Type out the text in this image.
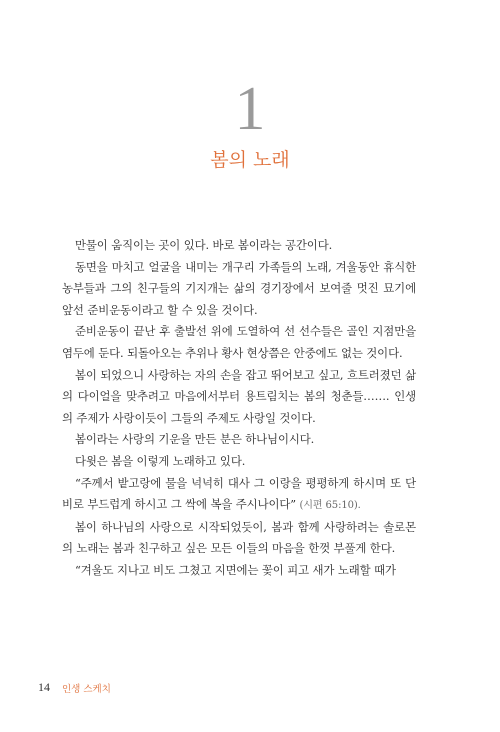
1
봄의 노래

만물이 움직이는 곳이 있다. 바로 봄이라는 공간이다.

동면을 마치고 얼굴을 내미는 개구리 가족들의 노래, 겨울동안 휴식한 농부들과 그의 친구들의 기지개는 삶의 경기장에서 보여줄 멋진 묘기에 앞선 준비운동이라고 할 수 있을 것이다.

준비운동이 끝난 후 출발선 위에 도열하여 선 선수들은 골인 지점만을 염두에 둔다. 되돌아오는 추위나 황사 현상쯤은 안중에도 없는 것이다.

봄이 되었으니 사랑하는 자의 손을 잡고 뛰어보고 싶고, 흐트러졌던 삶의 다이얼을 맞추려고 마음에서부터 용트림치는 봄의 청춘들……. 인생의 주제가 사랑이듯이 그들의 주제도 사랑일 것이다.

봄이라는 사랑의 기운을 만든 분은 하나님이시다.

다윗은 봄을 이렇게 노래하고 있다.

“주께서 밭고랑에 물을 넉넉히 대사 그 이랑을 평평하게 하시며 또 단비로 부드럽게 하시고 그 싹에 복을 주시나이다” (시편 65:10).

봄이 하나님의 사랑으로 시작되었듯이, 봄과 함께 사랑하려는 솔로몬의 노래는 봄과 친구하고 싶은 모든 이들의 마음을 한껏 부풀게 한다.

“겨울도 지나고 비도 그쳤고 지면에는 꽃이 피고 새가 노래할 때가

14 인생 스케치
